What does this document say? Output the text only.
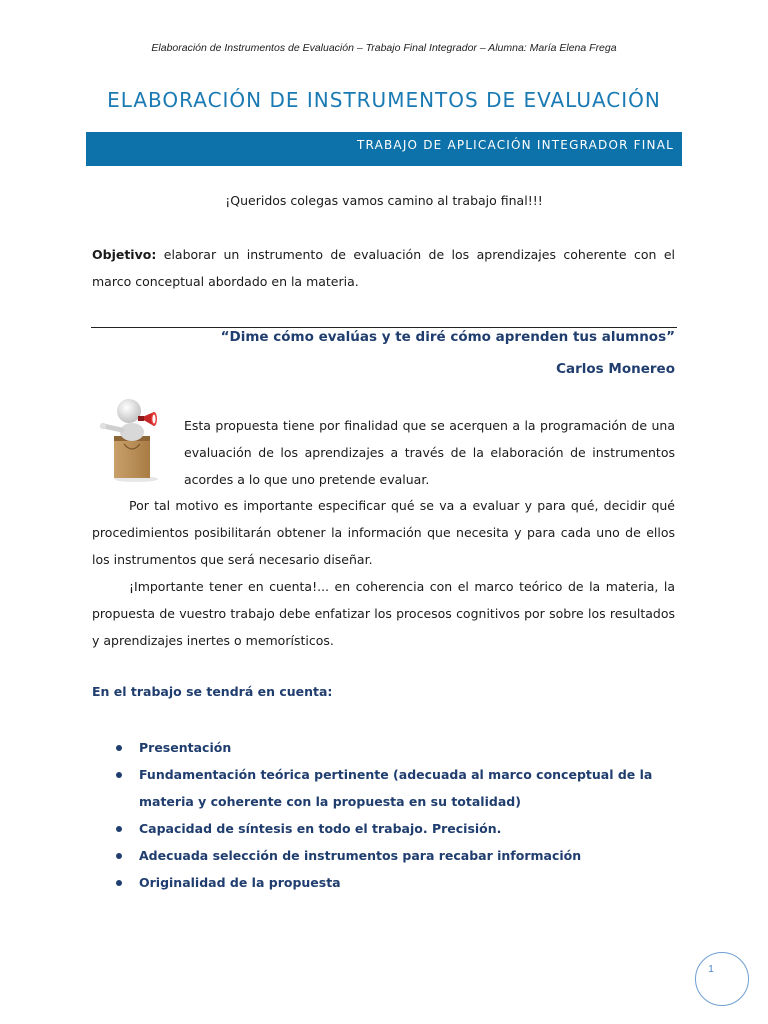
Elaboración de Instrumentos de Evaluación – Trabajo Final Integrador – Alumna: María Elena Frega
ELABORACIÓN DE INSTRUMENTOS DE EVALUACIÓN
TRABAJO DE APLICACIÓN INTEGRADOR FINAL
¡Queridos colegas vamos camino al trabajo final!!!
Objetivo: elaborar un instrumento de evaluación de los aprendizajes coherente con el marco conceptual abordado en la materia.
“Dime cómo evalúas y te diré cómo aprenden tus alumnos”
Carlos Monereo
Esta propuesta tiene por finalidad que se acerquen a la programación de una evaluación de los aprendizajes a través de la elaboración de instrumentos acordes a lo que uno pretende evaluar.
Por tal motivo es importante especificar qué se va a evaluar y para qué, decidir qué procedimientos posibilitarán obtener la información que necesita y para cada uno de ellos los instrumentos que será necesario diseñar.
¡Importante tener en cuenta!... en coherencia con el marco teórico de la materia, la propuesta de vuestro trabajo debe enfatizar los procesos cognitivos por sobre los resultados y aprendizajes inertes o memorísticos.
En el trabajo se tendrá en cuenta:
Presentación
Fundamentación teórica pertinente (adecuada al marco conceptual de la materia y coherente con la propuesta en su totalidad)
Capacidad de síntesis en todo el trabajo. Precisión.
Adecuada selección de instrumentos para recabar información
Originalidad de la propuesta
1
